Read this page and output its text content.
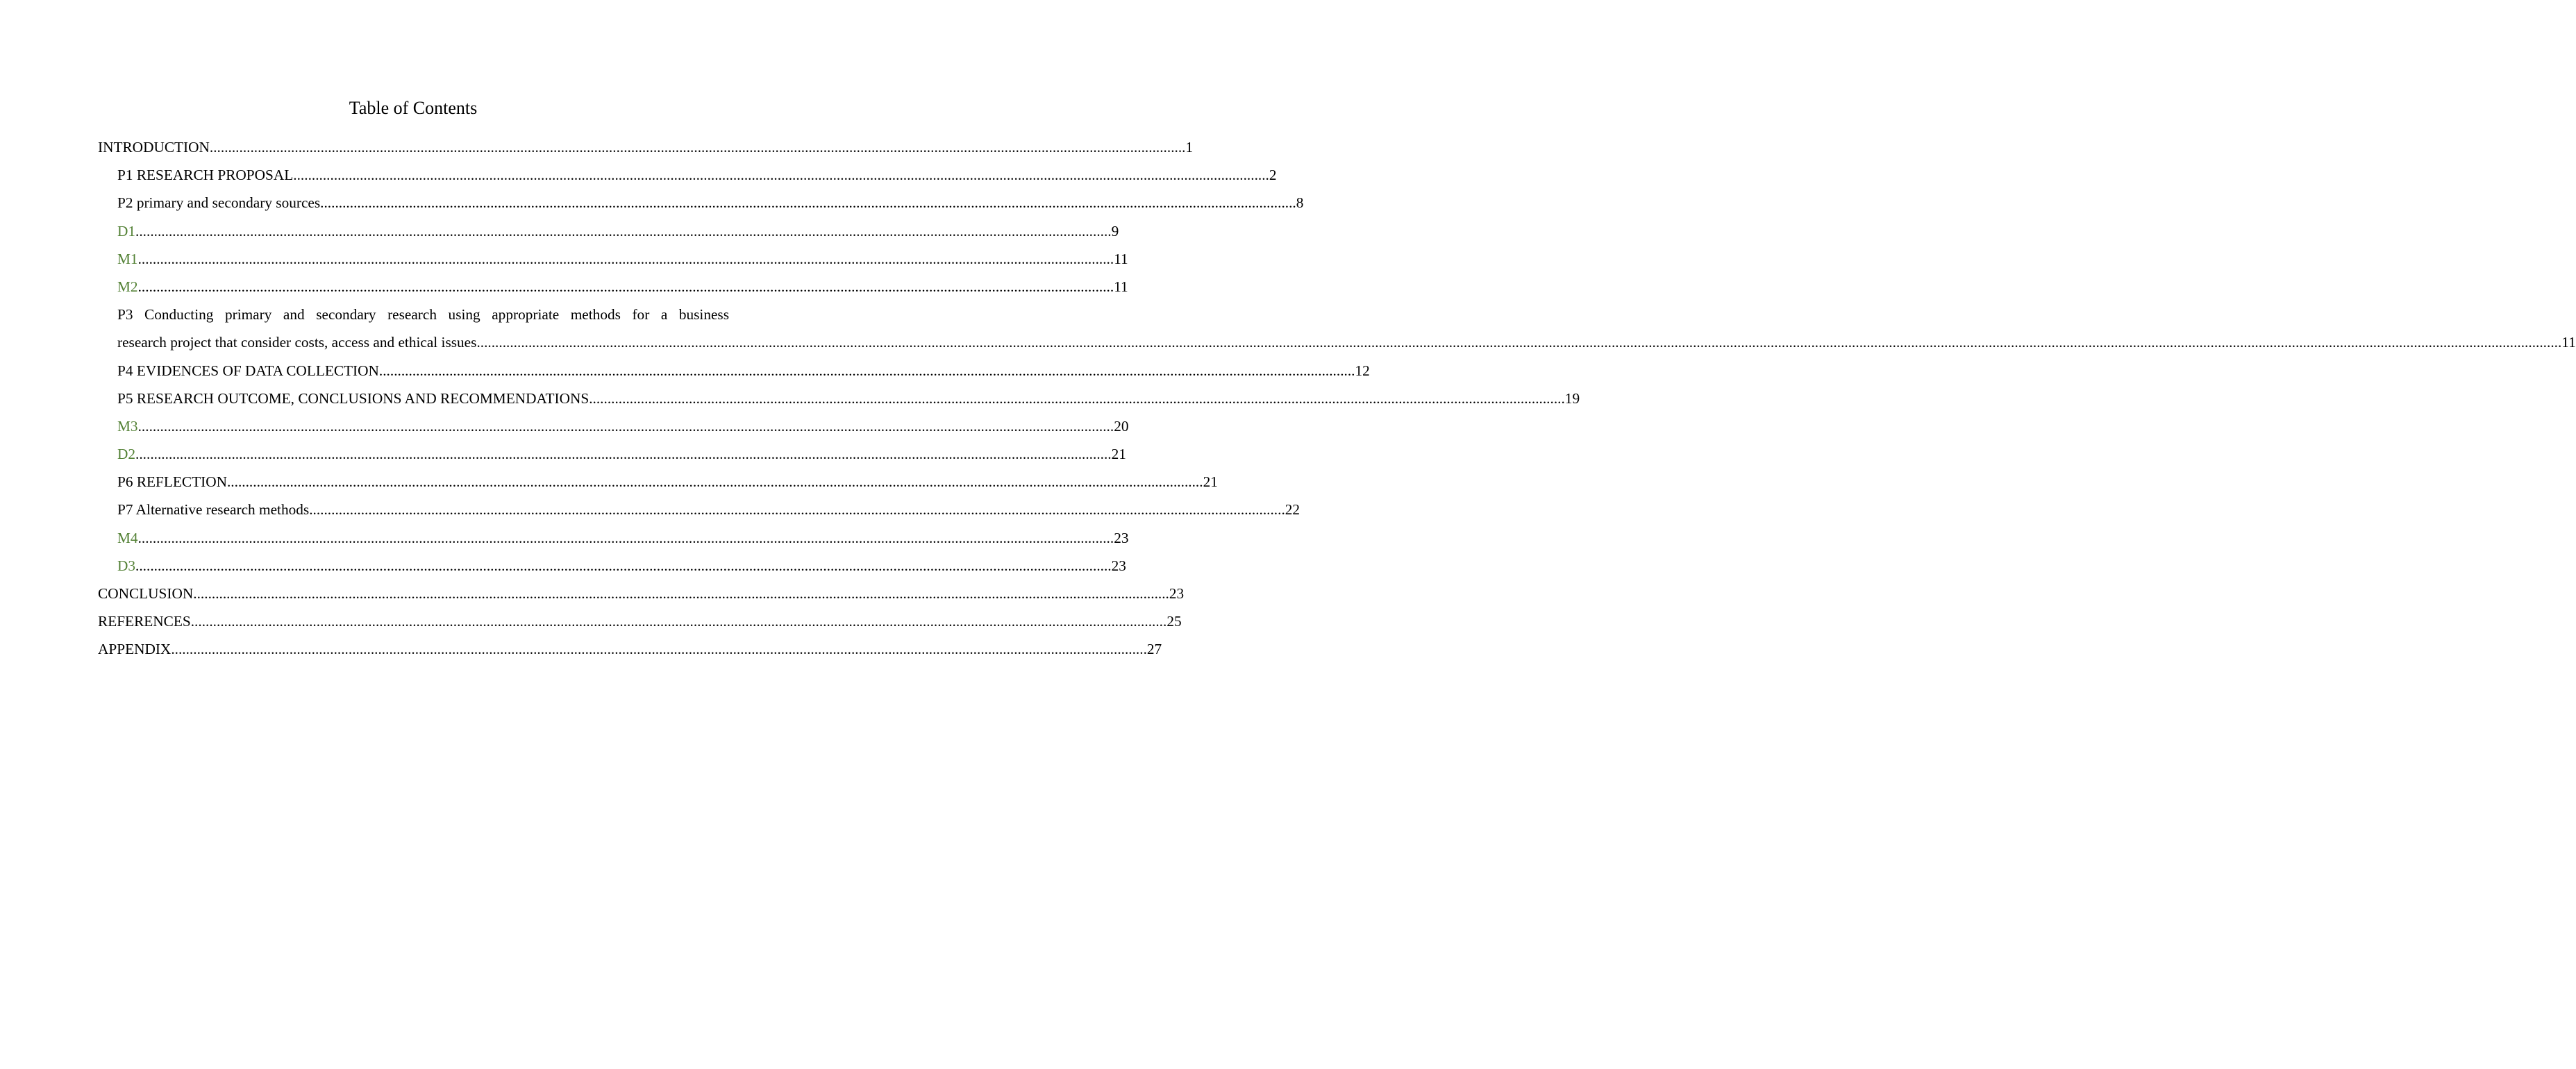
Table of Contents
INTRODUCTION .....	1
P1 RESEARCH PROPOSAL .....	2
P2 primary and secondary sources .....	8
D1 .....	9
M1 .....	11
M2 .....	11
P3 Conducting primary and secondary research using appropriate methods for a business
research project that consider costs, access and ethical issues ............................................................................................................................................................................................................................................................................................................ .....	11
P4 EVIDENCES OF DATA COLLECTION .....	12
P5 RESEARCH OUTCOME, CONCLUSIONS AND RECOMMENDATIONS .....	19
M3 .....	20
D2 .....	21
P6 REFLECTION .....	21
P7 Alternative research methods .....	22
M4 .....	23
D3 .....	23
CONCLUSION .....	23
REFERENCES .....	25
APPENDIX .....	27
